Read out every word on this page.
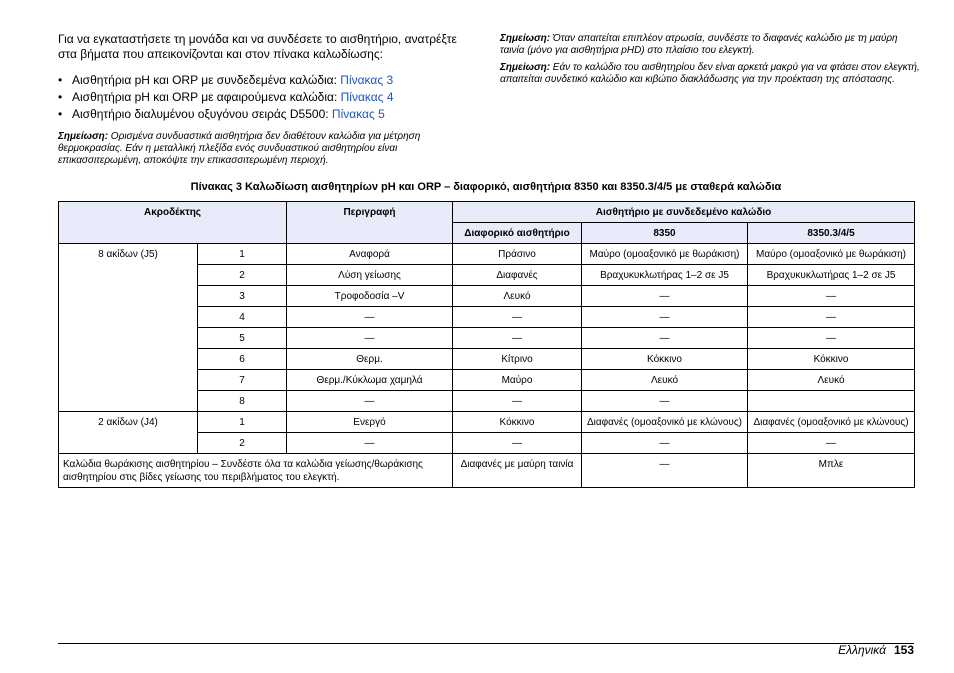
Για να εγκαταστήσετε τη μονάδα και να συνδέσετε το αισθητήριο, ανατρέξτε στα βήματα που απεικονίζονται και στον πίνακα καλωδίωσης:

• Αισθητήρια pH και ORP με συνδεδεμένα καλώδια: Πίνακας 3
• Αισθητήρια pH και ORP με αφαιρούμενα καλώδια: Πίνακας 4
• Αισθητήριο διαλυμένου οξυγόνου σειράς D5500: Πίνακας 5

Σημείωση: Ορισμένα συνδυαστικά αισθητήρια δεν διαθέτουν καλώδια για μέτρηση θερμοκρασίας. Εάν η μεταλλική πλεξίδα ενός συνδυαστικού αισθητηρίου είναι επικασσιτερωμένη, αποκόψτε την επικασσιτερωμένη περιοχή.

Σημείωση: Όταν απαιτείται επιπλέον ατρωσία, συνδέστε το διαφανές καλώδιο με τη μαύρη ταινία (μόνο για αισθητήρια pHD) στο πλαίσιο του ελεγκτή.

Σημείωση: Εάν το καλώδιο του αισθητηρίου δεν είναι αρκετά μακρύ για να φτάσει στον ελεγκτή, απαιτείται συνδετικό καλώδιο και κιβώτιο διακλάδωσης για την προέκταση της απόστασης.

Πίνακας 3 Καλωδίωση αισθητηρίων pH και ORP – διαφορικό, αισθητήρια 8350 και 8350.3/4/5 με σταθερά καλώδια
Ακροδέκτης		Περιγραφή	Αισθητήριο με συνδεδεμένο καλώδιο		
			Διαφορικό αισθητήριο	8350	8350.3/4/5
8 ακίδων (J5)	1	Αναφορά	Πράσινο	Μαύρο (ομοαξονικό με θωράκιση)	Μαύρο (ομοαξονικό με θωράκιση)
	2	Λύση γείωσης	Διαφανές	Βραχυκυκλωτήρας 1–2 σε J5	Βραχυκυκλωτήρας 1–2 σε J5
	3	Τροφοδοσία –V	Λευκό	—	—
	4	—	—	—	—
	5	—	—	—	—
	6	Θερμ.	Κίτρινο	Κόκκινο	Κόκκινο
	7	Θερμ./Κύκλωμα χαμηλά	Μαύρο	Λευκό	Λευκό
	8	—	—	—	
2 ακίδων (J4)	1	Ενεργό	Κόκκινο	Διαφανές (ομοαξονικό με κλώνους)	Διαφανές (ομοαξονικό με κλώνους)
	2	—	—	—	—
Καλώδια θωράκισης αισθητηρίου – Συνδέστε όλα τα καλώδια γείωσης/θωράκισης αισθητηρίου στις βίδες γείωσης του περιβλήματος του ελεγκτή.			Διαφανές με μαύρη ταινία	—	Μπλε
Ελληνικά 153
